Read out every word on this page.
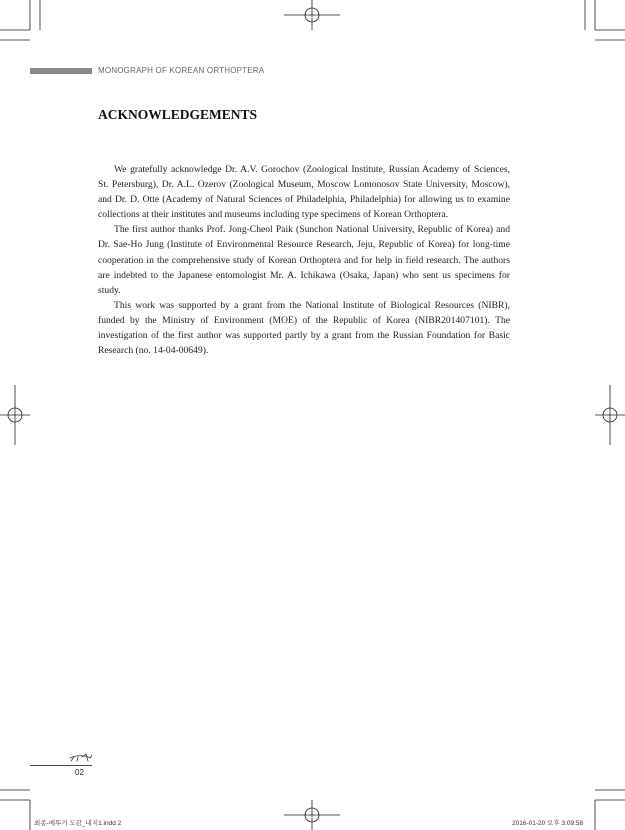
MONOGRAPH OF KOREAN ORTHOPTERA
ACKNOWLEDGEMENTS

We gratefully acknowledge Dr. A.V. Gorochov (Zoological Institute, Russian Academy of Sciences, St. Petersburg), Dr. A.L. Ozerov (Zoological Museum, Moscow Lomonosov State University, Moscow), and Dr. D. Otte (Academy of Natural Sciences of Philadelphia, Philadelphia) for allowing us to examine collections at their institutes and museums including type specimens of Korean Orthoptera.

The first author thanks Prof. Jong-Cheol Paik (Sunchon National University, Republic of Korea) and Dr. Sae-Ho Jung (Institute of Environmental Resource Research, Jeju, Republic of Korea) for long-time cooperation in the comprehensive study of Korean Orthoptera and for help in field research. The authors are indebted to the Japanese entomologist Mr. A. Ichikawa (Osaka, Japan) who sent us specimens for study.

This work was supported by a grant from the National Institute of Biological Resources (NIBR), funded by the Ministry of Environment (MOE) of the Republic of Korea (NIBR201407101). The investigation of the first author was supported partly by a grant from the Russian Foundation for Basic Research (no. 14-04-00649).

02
최종-메뚜기 도감_내지1.indd 2	2016-01-20 오후 3:09:58
